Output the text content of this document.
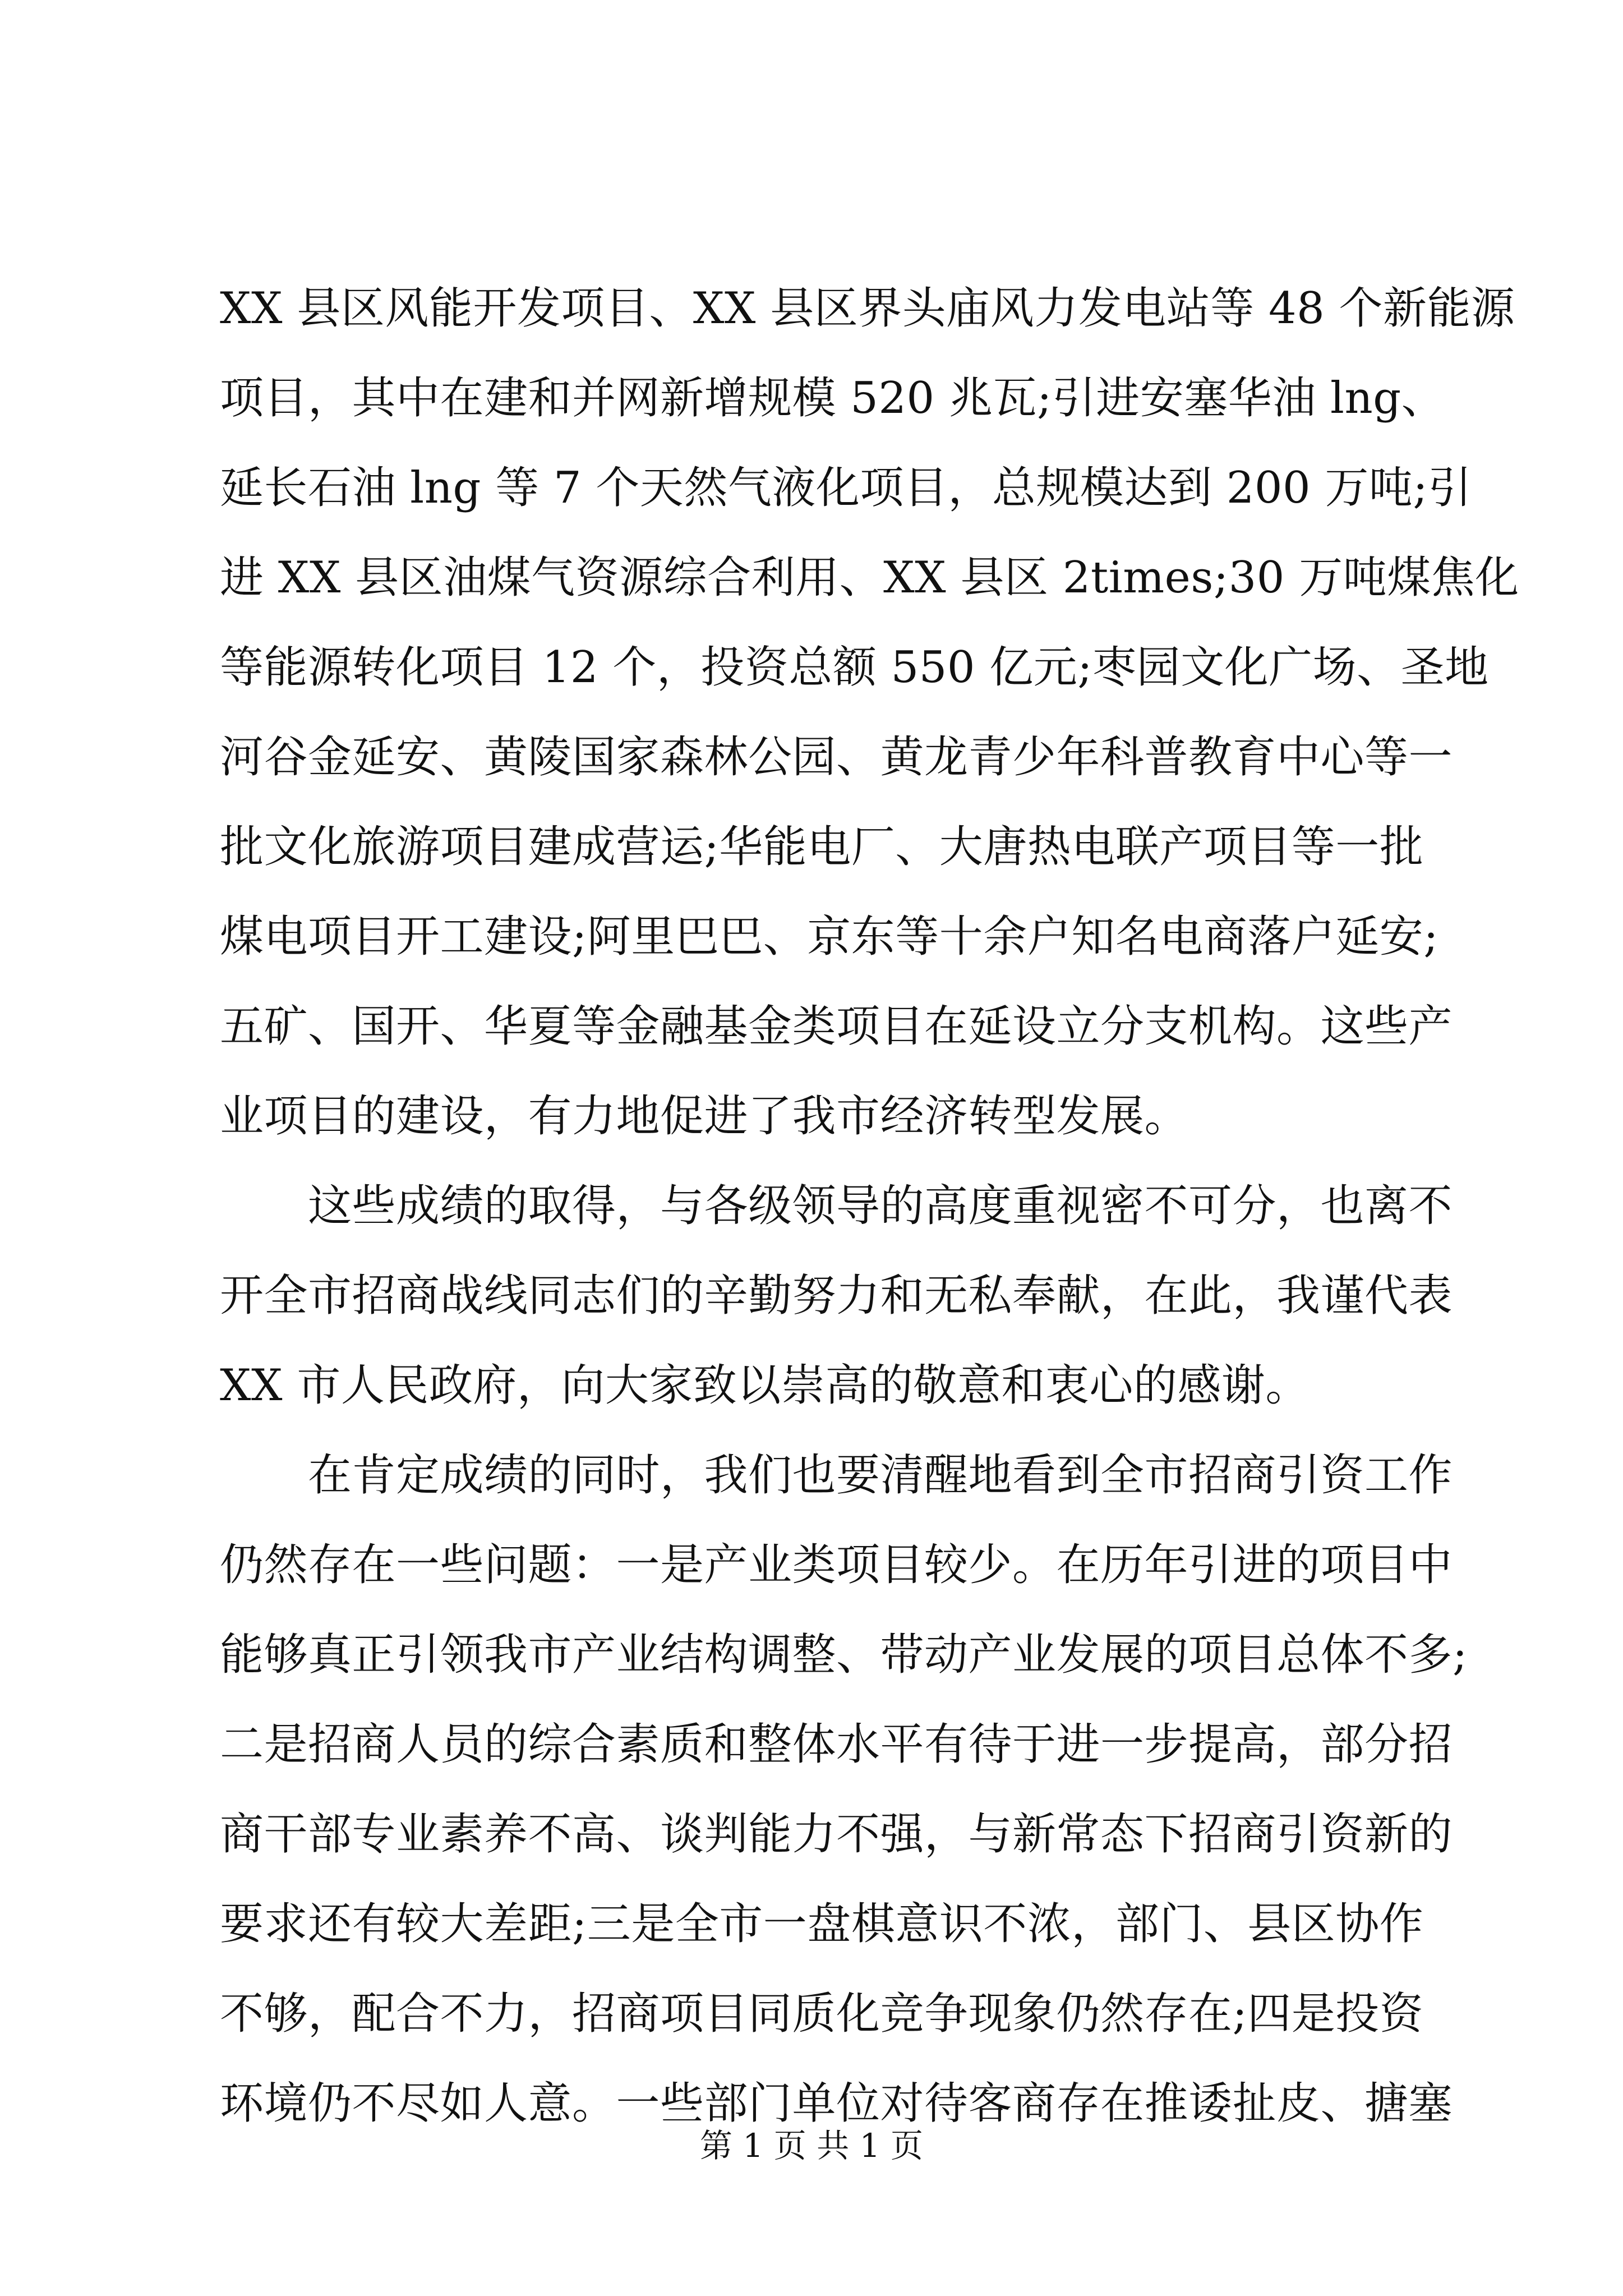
XX 县区风能开发项目、XX 县区界头庙风力发电站等 48 个新能源
项目，其中在建和并网新增规模 520 兆瓦;引进安塞华油 lng、
延长石油 lng 等 7 个天然气液化项目，总规模达到 200 万吨;引
进 XX 县区油煤气资源综合利用、XX 县区 2times;30 万吨煤焦化
等能源转化项目 12 个，投资总额 550 亿元;枣园文化广场、圣地
河谷金延安、黄陵国家森林公园、黄龙青少年科普教育中心等一
批文化旅游项目建成营运;华能电厂、大唐热电联产项目等一批
煤电项目开工建设;阿里巴巴、京东等十余户知名电商落户延安;
五矿、国开、华夏等金融基金类项目在延设立分支机构。这些产
业项目的建设，有力地促进了我市经济转型发展。
　　这些成绩的取得，与各级领导的高度重视密不可分，也离不
开全市招商战线同志们的辛勤努力和无私奉献，在此，我谨代表
XX 市人民政府，向大家致以崇高的敬意和衷心的感谢。
　　在肯定成绩的同时，我们也要清醒地看到全市招商引资工作
仍然存在一些问题：一是产业类项目较少。在历年引进的项目中
能够真正引领我市产业结构调整、带动产业发展的项目总体不多;
二是招商人员的综合素质和整体水平有待于进一步提高，部分招
商干部专业素养不高、谈判能力不强，与新常态下招商引资新的
要求还有较大差距;三是全市一盘棋意识不浓，部门、县区协作
不够，配合不力，招商项目同质化竞争现象仍然存在;四是投资
环境仍不尽如人意。一些部门单位对待客商存在推诿扯皮、搪塞
第 1 页 共 1 页
